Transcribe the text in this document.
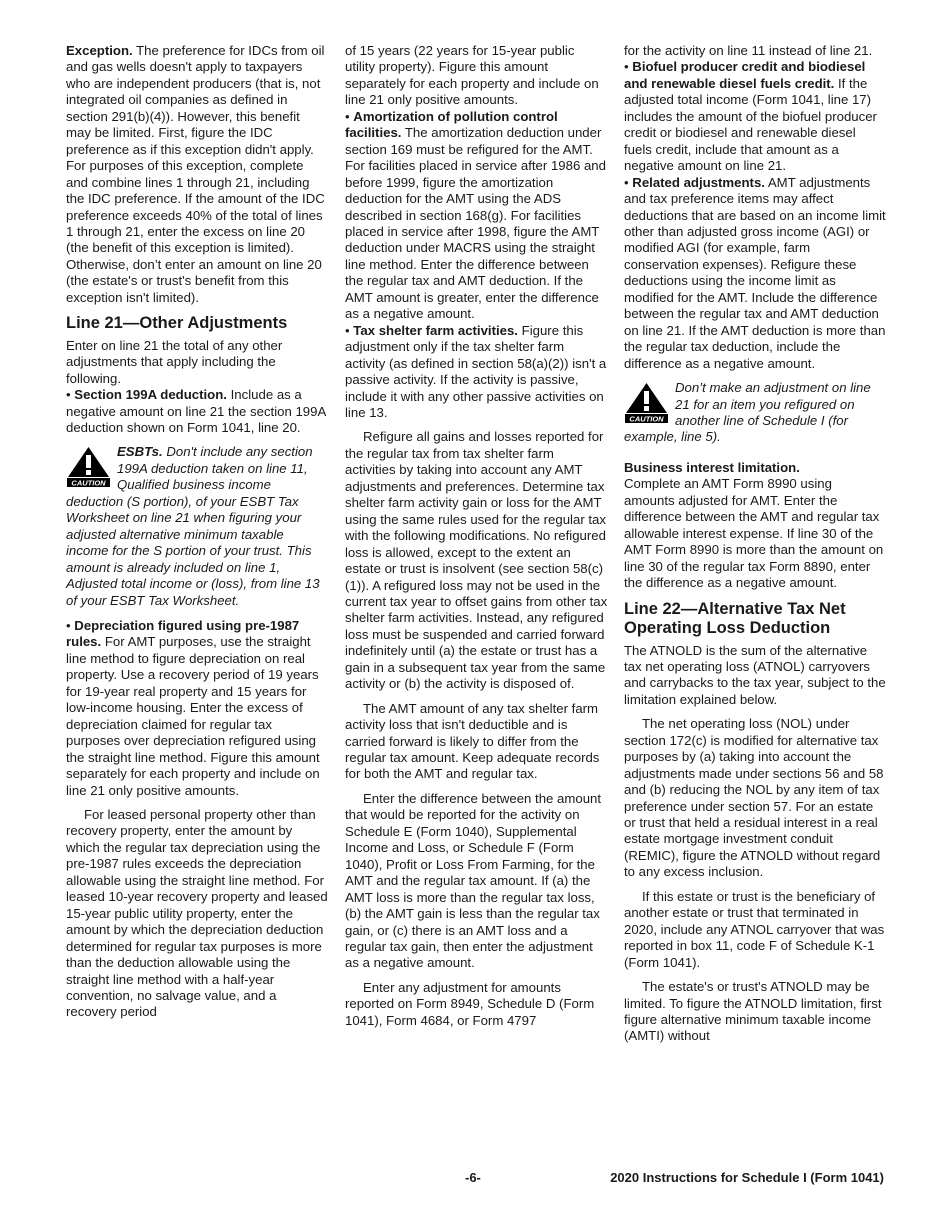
Exception. The preference for IDCs from oil and gas wells doesn't apply to taxpayers who are independent producers (that is, not integrated oil companies as defined in section 291(b)(4)). However, this benefit may be limited. First, figure the IDC preference as if this exception didn't apply. For purposes of this exception, complete and combine lines 1 through 21, including the IDC preference. If the amount of the IDC preference exceeds 40% of the total of lines 1 through 21, enter the excess on line 20 (the benefit of this exception is limited). Otherwise, don’t enter an amount on line 20 (the estate's or trust's benefit from this exception isn't limited).

Line 21—Other Adjustments

Enter on line 21 the total of any other adjustments that apply including the following.

• Section 199A deduction. Include as a negative amount on line 21 the section 199A deduction shown on Form 1041, line 20.

CAUTION
ESBTs. Don't include any section 199A deduction taken on line 11, Qualified business income deduction (S portion), of your ESBT Tax Worksheet on line 21 when figuring your adjusted alternative minimum taxable income for the S portion of your trust. This amount is already included on line 1, Adjusted total income or (loss), from line 13 of your ESBT Tax Worksheet.

• Depreciation figured using pre-1987 rules. For AMT purposes, use the straight line method to figure depreciation on real property. Use a recovery period of 19 years for 19-year real property and 15 years for low-income housing. Enter the excess of depreciation claimed for regular tax purposes over depreciation refigured using the straight line method. Figure this amount separately for each property and include on line 21 only positive amounts.

For leased personal property other than recovery property, enter the amount by which the regular tax depreciation using the pre-1987 rules exceeds the depreciation allowable using the straight line method. For leased 10-year recovery property and leased 15-year public utility property, enter the amount by which the depreciation deduction determined for regular tax purposes is more than the deduction allowable using the straight line method with a half-year convention, no salvage value, and a recovery period

of 15 years (22 years for 15-year public utility property). Figure this amount separately for each property and include on line 21 only positive amounts.

• Amortization of pollution control facilities. The amortization deduction under section 169 must be refigured for the AMT. For facilities placed in service after 1986 and before 1999, figure the amortization deduction for the AMT using the ADS described in section 168(g). For facilities placed in service after 1998, figure the AMT deduction under MACRS using the straight line method. Enter the difference between the regular tax and AMT deduction. If the AMT amount is greater, enter the difference as a negative amount.

• Tax shelter farm activities. Figure this adjustment only if the tax shelter farm activity (as defined in section 58(a)(2)) isn't a passive activity. If the activity is passive, include it with any other passive activities on line 13.

Refigure all gains and losses reported for the regular tax from tax shelter farm activities by taking into account any AMT adjustments and preferences. Determine tax shelter farm activity gain or loss for the AMT using the same rules used for the regular tax with the following modifications. No refigured loss is allowed, except to the extent an estate or trust is insolvent (see section 58(c)(1)). A refigured loss may not be used in the current tax year to offset gains from other tax shelter farm activities. Instead, any refigured loss must be suspended and carried forward indefinitely until (a) the estate or trust has a gain in a subsequent tax year from the same activity or (b) the activity is disposed of.

The AMT amount of any tax shelter farm activity loss that isn't deductible and is carried forward is likely to differ from the regular tax amount. Keep adequate records for both the AMT and regular tax.

Enter the difference between the amount that would be reported for the activity on Schedule E (Form 1040), Supplemental Income and Loss, or Schedule F (Form 1040), Profit or Loss From Farming, for the AMT and the regular tax amount. If (a) the AMT loss is more than the regular tax loss, (b) the AMT gain is less than the regular tax gain, or (c) there is an AMT loss and a regular tax gain, then enter the adjustment as a negative amount.

Enter any adjustment for amounts reported on Form 8949, Schedule D (Form 1041), Form 4684, or Form 4797

for the activity on line 11 instead of line 21.

• Biofuel producer credit and biodiesel and renewable diesel fuels credit. If the adjusted total income (Form 1041, line 17) includes the amount of the biofuel producer credit or biodiesel and renewable diesel fuels credit, include that amount as a negative amount on line 21.

• Related adjustments. AMT adjustments and tax preference items may affect deductions that are based on an income limit other than adjusted gross income (AGI) or modified AGI (for example, farm conservation expenses). Refigure these deductions using the income limit as modified for the AMT. Include the difference between the regular tax and AMT deduction on line 21. If the AMT deduction is more than the regular tax deduction, include the difference as a negative amount.

CAUTION
Don’t make an adjustment on line 21 for an item you refigured on another line of Schedule I (for example, line 5).

Business interest limitation.

Complete an AMT Form 8990 using amounts adjusted for AMT. Enter the difference between the AMT and regular tax allowable interest expense. If line 30 of the AMT Form 8990 is more than the amount on line 30 of the regular tax Form 8890, enter the difference as a negative amount.

Line 22—Alternative Tax Net Operating Loss Deduction

The ATNOLD is the sum of the alternative tax net operating loss (ATNOL) carryovers and carrybacks to the tax year, subject to the limitation explained below.

The net operating loss (NOL) under section 172(c) is modified for alternative tax purposes by (a) taking into account the adjustments made under sections 56 and 58 and (b) reducing the NOL by any item of tax preference under section 57. For an estate or trust that held a residual interest in a real estate mortgage investment conduit (REMIC), figure the ATNOLD without regard to any excess inclusion.

If this estate or trust is the beneficiary of another estate or trust that terminated in 2020, include any ATNOL carryover that was reported in box 11, code F of Schedule K-1 (Form 1041).

The estate's or trust's ATNOLD may be limited. To figure the ATNOLD limitation, first figure alternative minimum taxable income (AMTI) without

-6-	2020 Instructions for Schedule I (Form 1041)
